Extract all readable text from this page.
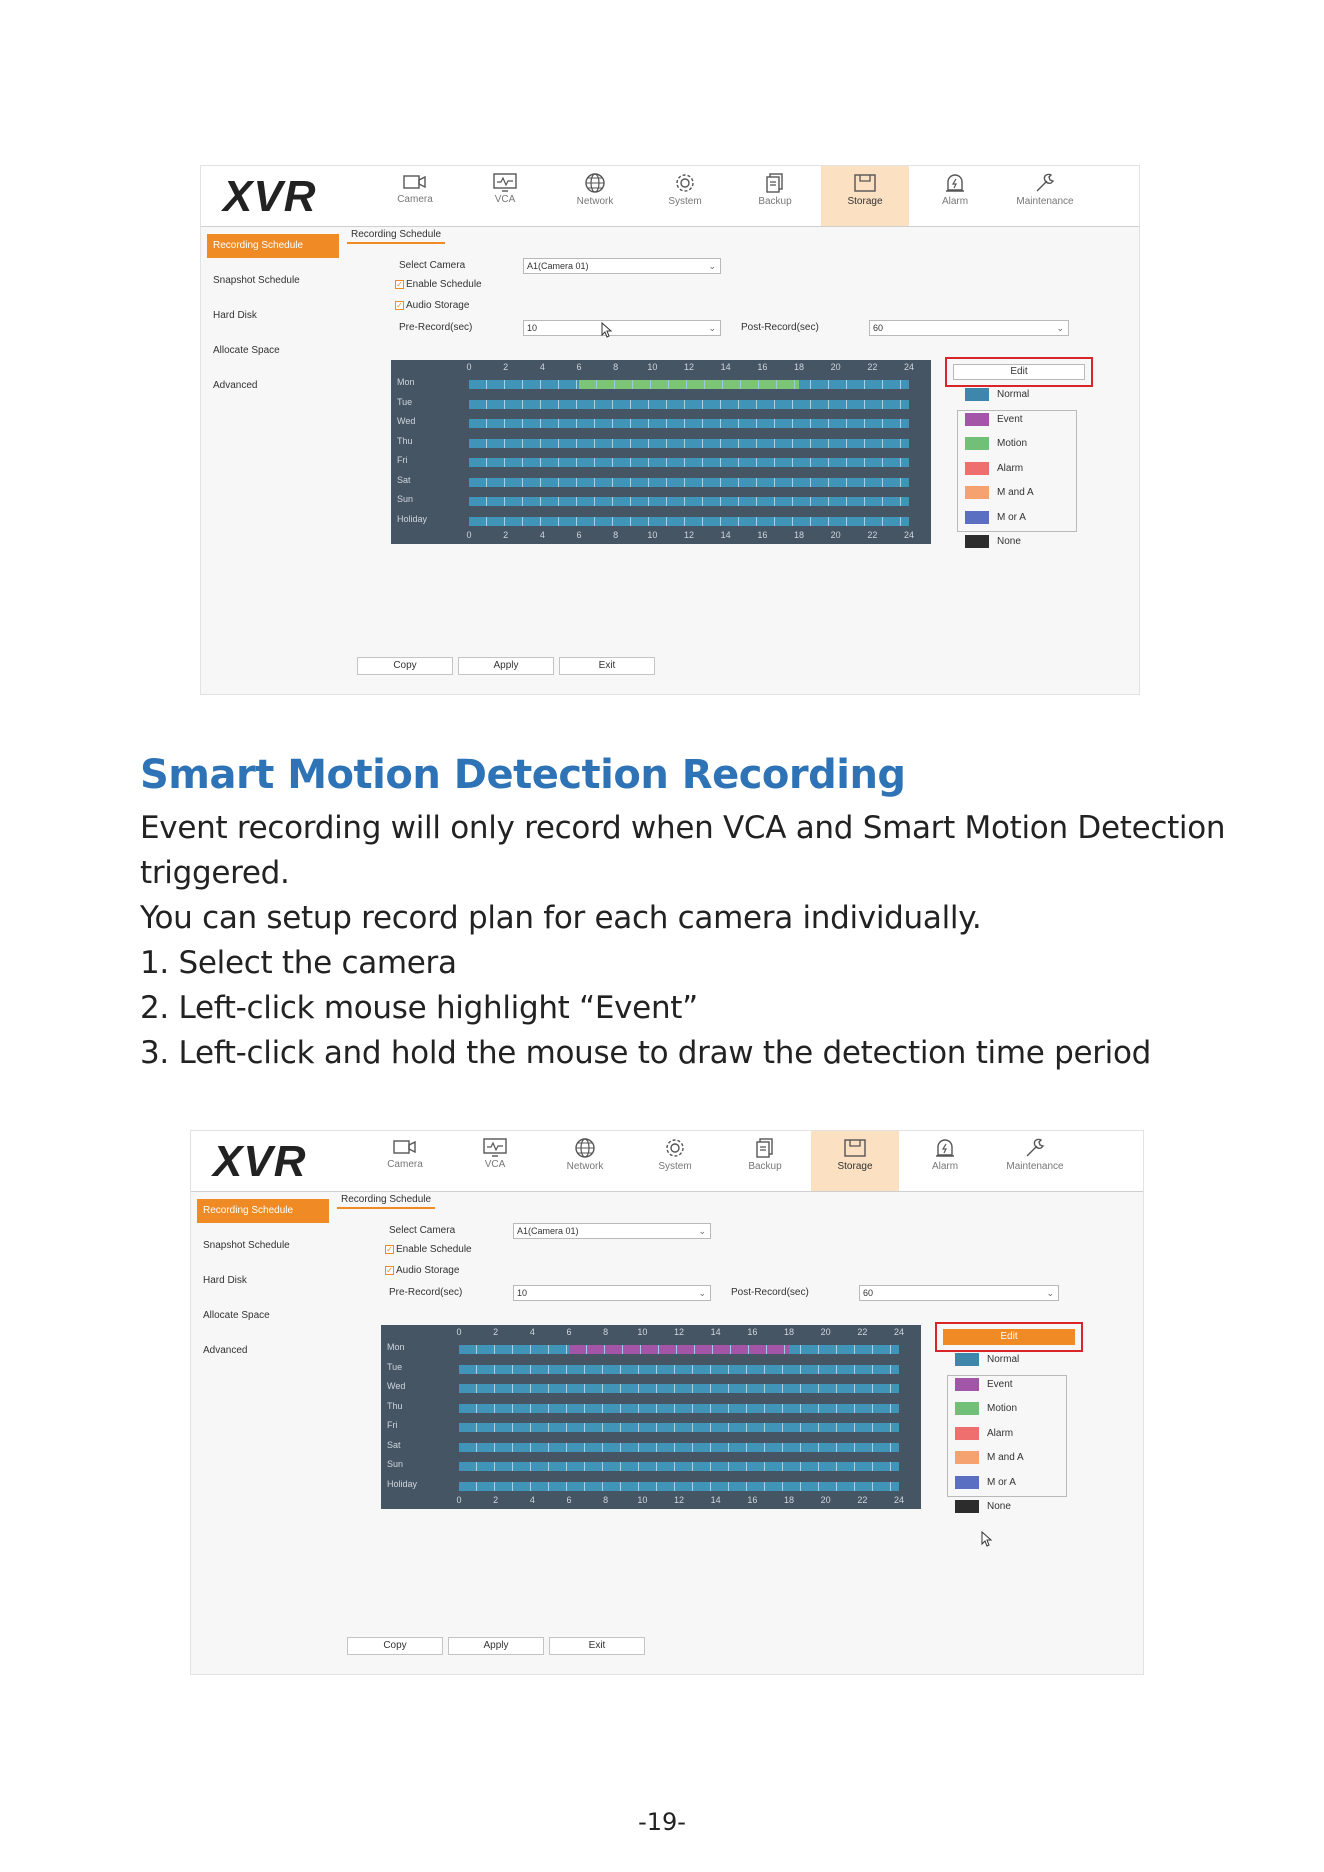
XVR	Camera	VCA	Network	System	Backup	Storage	Alarm	Maintenance
Recording Schedule
Snapshot Schedule
Hard Disk
Allocate Space
Advanced
Recording Schedule
Select Camera	A1(Camera 01)	⌄
✓ Enable Schedule
✓ Audio Storage
Pre-Record(sec)	10	⌄	Post-Record(sec)	60	⌄
0
0
2
2
4
4
6
6
8
8
10
10
12
12
14
14
16
16
18
18
20
20
22
22
24
24
Mon
Tue
Wed
Thu
Fri
Sat
Sun
Holiday
Edit
Normal
Event
Motion
Alarm
M and A
M or A
None
Copy	Apply	Exit
Smart Motion Detection Recording
Event recording will only record when VCA and Smart Motion Detection
triggered.
You can setup record plan for each camera individually.
1. Select the camera
2. Left-click mouse highlight “Event”
3. Left-click and hold the mouse to draw the detection time period
XVR	Camera	VCA	Network	System	Backup	Storage	Alarm	Maintenance
Recording Schedule
Snapshot Schedule
Hard Disk
Allocate Space
Advanced
Recording Schedule
Select Camera	A1(Camera 01)	⌄
✓ Enable Schedule
✓ Audio Storage
Pre-Record(sec)	10	⌄	Post-Record(sec)	60	⌄
0
0
2
2
4
4
6
6
8
8
10
10
12
12
14
14
16
16
18
18
20
20
22
22
24
24
Mon
Tue
Wed
Thu
Fri
Sat
Sun
Holiday
Edit
Normal
Event
Motion
Alarm
M and A
M or A
None
Copy	Apply	Exit
-19-
